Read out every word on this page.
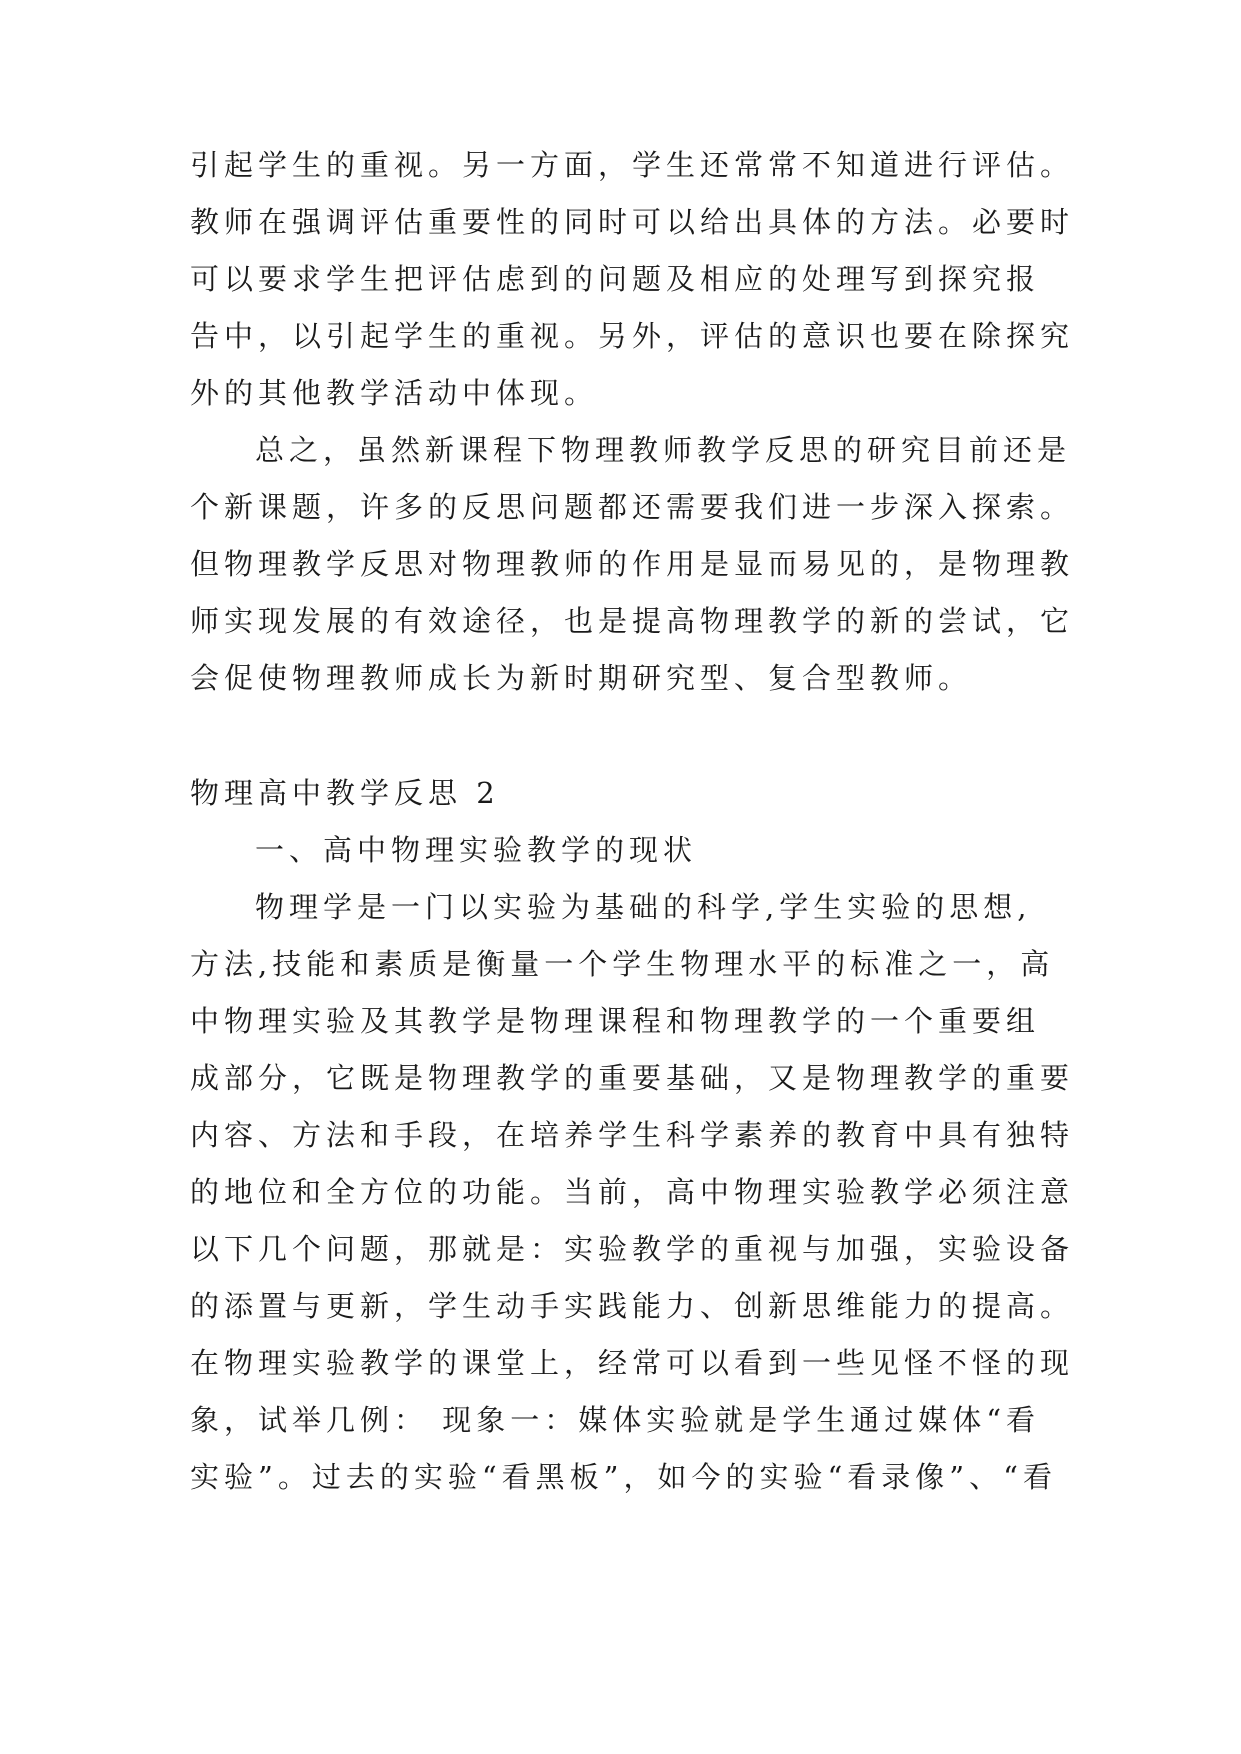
引起学生的重视。另一方面，学生还常常不知道进行评估。
教师在强调评估重要性的同时可以给出具体的方法。必要时
可以要求学生把评估虑到的问题及相应的处理写到探究报
告中，以引起学生的重视。另外，评估的意识也要在除探究
外的其他教学活动中体现。
总之，虽然新课程下物理教师教学反思的研究目前还是
个新课题，许多的反思问题都还需要我们进一步深入探索。
但物理教学反思对物理教师的作用是显而易见的，是物理教
师实现发展的有效途径，也是提高物理教学的新的尝试，它
会促使物理教师成长为新时期研究型、复合型教师。
物理高中教学反思 2
一、高中物理实验教学的现状
物理学是一门以实验为基础的科学,学生实验的思想,
方法,技能和素质是衡量一个学生物理水平的标准之一，高
中物理实验及其教学是物理课程和物理教学的一个重要组
成部分，它既是物理教学的重要基础，又是物理教学的重要
内容、方法和手段，在培养学生科学素养的教育中具有独特
的地位和全方位的功能。当前，高中物理实验教学必须注意
以下几个问题，那就是：实验教学的重视与加强，实验设备
的添置与更新，学生动手实践能力、创新思维能力的提高。
在物理实验教学的课堂上，经常可以看到一些见怪不怪的现
象，试举几例： 现象一：媒体实验就是学生通过媒体“看
实验”。过去的实验“看黑板”，如今的实验“看录像”、“看
